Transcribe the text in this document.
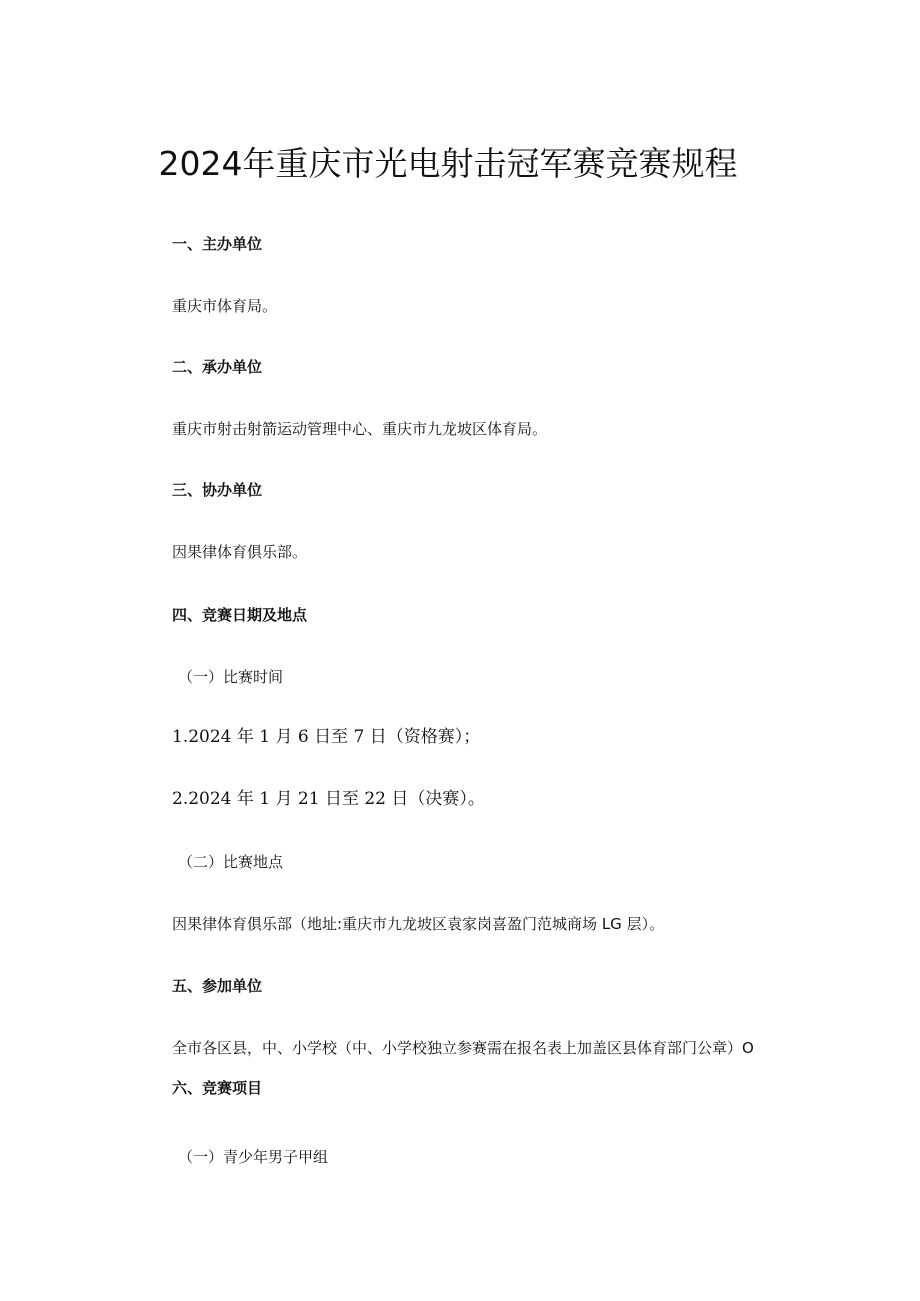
2024年重庆市光电射击冠军赛竞赛规程
一、主办单位
重庆市体育局。
二、承办单位
重庆市射击射箭运动管理中心、重庆市九龙坡区体育局。
三、协办单位
因果律体育俱乐部。
四、竞赛日期及地点
（一）比赛时间
1.2024 年 1 月 6 日至 7 日（资格赛）；
2.2024 年 1 月 21 日至 22 日（决赛）。
（二）比赛地点
因果律体育俱乐部（地址:重庆市九龙坡区袁家岗喜盈门范城商场 LG 层）。
五、参加单位
全市各区县，中、小学校（中、小学校独立参赛需在报名表上加盖区县体育部门公章）O
六、竞赛项目
（一）青少年男子甲组
